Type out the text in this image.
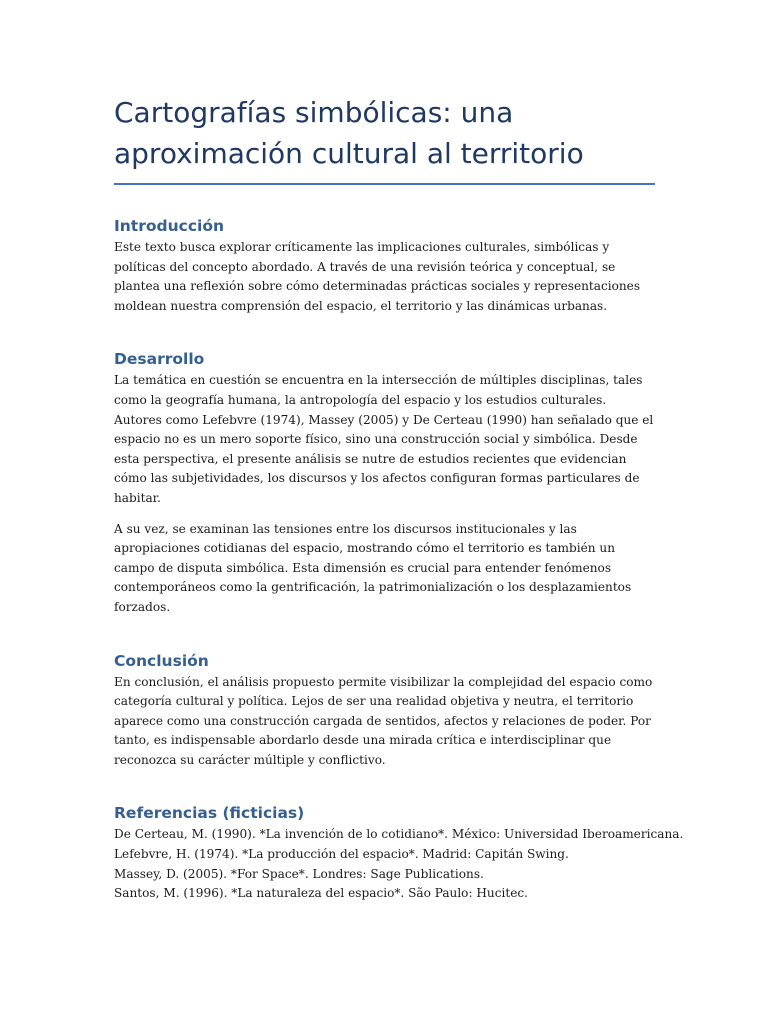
Cartografías simbólicas: una aproximación cultural al territorio
Introducción

Este texto busca explorar críticamente las implicaciones culturales, simbólicas y políticas del concepto abordado. A través de una revisión teórica y conceptual, se plantea una reflexión sobre cómo determinadas prácticas sociales y representaciones moldean nuestra comprensión del espacio, el territorio y las dinámicas urbanas.

Desarrollo

La temática en cuestión se encuentra en la intersección de múltiples disciplinas, tales como la geografía humana, la antropología del espacio y los estudios culturales. Autores como Lefebvre (1974), Massey (2005) y De Certeau (1990) han señalado que el espacio no es un mero soporte físico, sino una construcción social y simbólica. Desde esta perspectiva, el presente análisis se nutre de estudios recientes que evidencian cómo las subjetividades, los discursos y los afectos configuran formas particulares de habitar.

A su vez, se examinan las tensiones entre los discursos institucionales y las apropiaciones cotidianas del espacio, mostrando cómo el territorio es también un campo de disputa simbólica. Esta dimensión es crucial para entender fenómenos contemporáneos como la gentrificación, la patrimonialización o los desplazamientos forzados.

Conclusión

En conclusión, el análisis propuesto permite visibilizar la complejidad del espacio como categoría cultural y política. Lejos de ser una realidad objetiva y neutra, el territorio aparece como una construcción cargada de sentidos, afectos y relaciones de poder. Por tanto, es indispensable abordarlo desde una mirada crítica e interdisciplinar que reconozca su carácter múltiple y conflictivo.

Referencias (ficticias)

De Certeau, M. (1990). *La invención de lo cotidiano*. México: Universidad Iberoamericana.

Lefebvre, H. (1974). *La producción del espacio*. Madrid: Capitán Swing.

Massey, D. (2005). *For Space*. Londres: Sage Publications.

Santos, M. (1996). *La naturaleza del espacio*. São Paulo: Hucitec.
